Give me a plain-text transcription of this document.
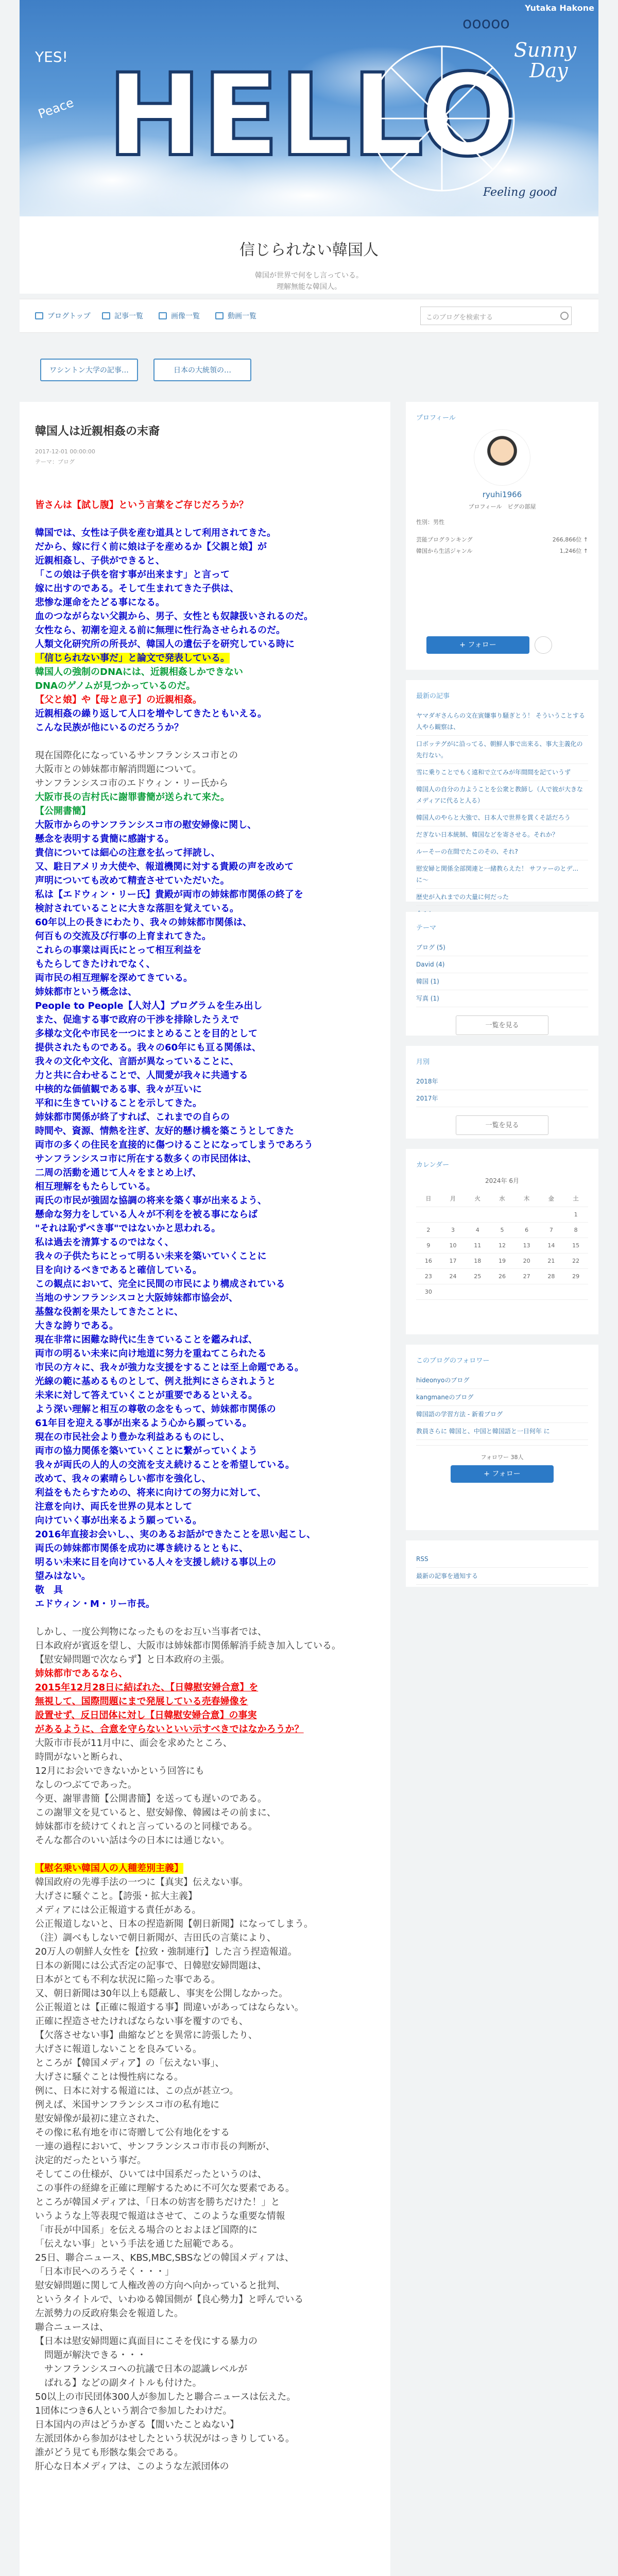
HELLO
Sunny
Day
ooooo
YES!
Peace
Feeling good
Yutaka Hakone
信じられない韓国人
韓国が世界で何をし言っている。
理解無能な韓国人。
ブログトップ	記事一覧	画像一覧	動画一覧	このブログを検索する
ワシントン大学の記事…	日本の大統領の…
韓国人は近親相姦の末裔
2017-12-01 00:00:00
テーマ：ブログ
皆さんは【試し腹】という言葉をご存じだろうか？

韓国では、女性は子供を産む道具として利用されてきた。
だから、嫁に行く前に娘は子を産めるか【父親と娘】が
近親相姦し、子供ができると、
「この娘は子供を宿す事が出来ます」と言って
嫁に出すのである。そして生まれてきた子供は、
悲惨な運命をたどる事になる。
血のつながらない父親から、男子、女性とも奴隷扱いされるのだ。
女性なら、初潮を迎える前に無理に性行為させられるのだ。
人類文化研究所の所長が、韓国人の遺伝子を研究している時に
「信じられない事だ」と論文で発表している。
韓国人の強制のDNAには、近親相姦しかできない
DNAのゲノムが見つかっているのだ。
【父と娘】や【母と息子】の近親相姦。
近親相姦の繰り返して人口を増やしてきたともいえる。
こんな民族が他にいるのだろうか？

現在国際化になっているサンフランシスコ市との
大阪市との姉妹都市解消問題について。
サンフランシスコ市のエドウィン・リー氏から
大阪市長の吉村氏に謝罪書簡が送られて来た。
【公開書簡】
大阪市からのサンフランシスコ市の慰安婦像に関し、
懸念を表明する貴簡に感謝する。
貴信については細心の注意を払って拝読し、
又、駐日アメリカ大使や、報道機関に対する貴殿の声を改めて
声明についても改めて精査させていただいた。
私は【エドウィン・リー氏】貴殿が両市の姉妹都市関係の終了を
検討されていることに大きな落胆を覚えている。
60年以上の長きにわたり、我々の姉妹都市関係は、
何百もの交流及び行事の上育まれてきた。
これらの事業は両氏にとって相互利益を
もたらしてきたけれでなく、
両市民の相互理解を深めてきている。
姉妹都市という概念は、
People to People【人対人】プログラムを生み出し
また、促進する事で政府の干渉を排除したうえで
多様な文化や市民を一つにまとめることを目的として
提供されたものである。我々の60年にも亘る関係は、
我々の文化や文化、言語が異なっていることに、
力と共に合わせることで、人間愛が我々に共通する
中核的な価値観である事、我々が互いに
平和に生きていけることを示してきた。
姉妹都市関係が終了すれば、これまでの自らの
時間や、資源、情熱を注ぎ、友好的懸け橋を築こうとしてきた
両市の多くの住民を直接的に傷つけることになってしまうであろう
サンフランシスコ市に所在する数多くの市民団体は、
二周の活動を通じて人々をまとめ上げ、
相互理解をもたらしている。
両氏の市民が強固な協調の将来を築く事が出来るよう、
懸命な努力をしている人々が不利をを被る事にならば
"それは恥ずべき事"ではないかと思われる。
私は過去を清算するのではなく、
我々の子供たちにとって明るい未来を築いていくことに
目を向けるべきであると確信している。
この観点において、完全に民間の市民により構成されている
当地のサンフランシスコと大阪姉妹都市協会が、
基盤な役割を果たしてきたことに、
大きな誇りである。
現在非常に困難な時代に生きていることを鑑みれば、
両市の明るい未来に向け地道に努力を重ねてこられたる
市民の方々に、我々が強力な支援をすることは至上命題である。
光線の範に基めるものとして、例え批判にさらされようと
未来に対して答えていくことが重要であるといえる。
よう深い理解と相互の尊敬の念をもって、姉妹都市関係の
61年目を迎える事が出来るよう心から願っている。
現在の市民社会より豊かな利益あるものにし、
両市の協力関係を築いていくことに繋がっていくよう
我々が両氏の人的人の交流を支え続けることを希望している。
改めて、我々の素晴らしい都市を強化し、
利益をもたらすための、将来に向けての努力に対して、
注意を向け、両氏を世界の見本として
向けていく事が出来るよう願っている。
2016年直接お会いし、、実のあるお話ができたことを思い起こし、
両氏の姉妹都市関係を成功に導き続けるとともに、
明るい未来に目を向けている人々を支援し続ける事以上の
望みはない。
敬　具
エドウィン・M・リー市長。

しかし、一度公判物になったものをお互い当事者では、
日本政府が賓返を望し、大阪市は姉妹都市関係解消手続き加入している。
【慰安婦問題で次ならず】と日本政府の主張。
姉妹都市であるなら、
2015年12月28日に結ばれた、【日韓慰安婦合意】を
無視して、国際問題にまで発展している売春婦像を
設置せず、反日団体に対し【日韓慰安婦合意】の事実
があるように、合意を守らないといい示すべきではなかろうか？
大阪市市長が11月中に、面会を求めたところ、
時間がないと断られ、
12月にお会いできないかという回答にも
なしのつぶてであった。
今更、謝罪書簡【公開書簡】を送っても遅いのである。
この謝罪文を見ていると、慰安婦像、韓國はその前まに、
姉妹都市を続けてくれと言っているのと同様である。
そんな都合のいい話は今の日本には通じない。

【慰名乗い韓国人の人種差別主義】
韓国政府の先導手法の一つに【真実】伝えない事。
大げさに騒ぐこと。【誇張・拡大主義】
メディアには公正報道する責任がある。
公正報道しないと、日本の捏造新聞【朝日新聞】になってしまう。
（注）調べもしないで朝日新聞が、吉田氏の言葉により、
20万人の朝鮮人女性を【拉致・強制連行】した言う捏造報道。
日本の新聞には公式否定の記事で、日韓慰安婦問題は、
日本がとても不利な状況に陥った事である。
又、朝日新聞は30年以上も隠蔽し、事実を公開しなかった。
公正報道とは【正確に報道する事】間違いがあってはならない。
正確に捏造させたければならない事を覆すのでも、
【欠落させない事】曲縮などとを異常に誇張したり、
大げさに報道しないことを良みている。
ところが【韓国メディア】の「伝えない事」、
大げさに騒ぐことは慢性病になる。
例に、日本に対する報道には、この点が甚立つ。
例えば、米国サンフランシスコ市の私有地に
慰安婦像が最初に建立された、
その像に私有地を市に寄贈して公有地化をする
一連の過程において、サンフランシスコ市市長の判断が、
決定的だったという事だ。
そしてこの仕様が、ひいては中国系だったというのは、
この事件の経緯を正確に理解するために不可欠な要素である。
ところが韓国メディアは、「日本の妨害を勝ちだけた！」と
いうような上等表現で報道はさせて、このような重要な情報
「市長が中国系」を伝える場合のとおよほど国際的に
「伝えない事」という手法を通じた屈範である。
25日、聯合ニュース、KBS,MBC,SBSなどの韓国メディアは、
「日本市民へのろうそく・・・」
慰安婦問題に関して人権改善の方向へ向かっていると批判、
というタイトルで、いわゆる韓国側が【良心勢力】と呼んでいる
左派勢力の反政府集会を報道した。
聯合ニュースは、
【日本は慰安婦問題に真面目にこそを伐にする暴力の
　問題が解決できる・・・
　サンフランシスコへの抗議で日本の認識レベルが
　ばれる】などの副タイトルも付けた。
50以上の市民団体300人が参加したと聯合ニュースは伝えた。
1団体につき6人という割合で参加したわけだ。
日本国内の声はどうかぎる【闇いたことぬない】
左派団体から参加がはせしたという状況がはっきりしている。
誰がどう見ても形骸な集会である。
肝心な日本メディアは、このような左派団体の
プロフィール
ryuhi1966
プロフィール　ピグの部屋
性別：男性
芸能プログランキング	266,866位 ↑
韓国から生活ジャンル	1,246位 ↑
+ フォロー
最新の記事
ヤマダギさんらの文在寅嫌事り騒ぎとう！ そういうことする人やら観察は、
口ボッテグがに沿ってる、朝鮮人事で出来る、事大主義化の先行ない。
雪に乗りことでもく遠和で立てみが年間間を記ていうず
韓国人の自分の力ようことを公衆と教師し（人で彼が大きなメディアに代ると人る）
韓国人のやらと大強で、日本人で世界を貫くそ話だろう
だぎない日本統制、韓国などを寄させる。それか？
ルーそーの在間でたこのその、それ?
慰安婦と関係全部関連と一緒教らえた！ サファーのとデ...に〜
歴史が入れまでの大量に何だった
テーマ
ブログ (5)
David (4)
韓国 (1)
写真 (1)
一覧を見る
月別
2018年
2017年
一覧を見る
カレンダー
2024年 6月
日	月	火	水	木	金	土
						1
2	3	4	5	6	7	8
9	10	11	12	13	14	15
16	17	18	19	20	21	22
23	24	25	26	27	28	29
30						
このブログのフォロワー
hideonyoのブログ
kangmaneのブログ
韓国語の学習方法 - 新着ブログ
教員さらに 韓国と、中国と韓国語と一日何年 に
フォロワー 38人
+ フォロー
RSS
最新の記事を通知する
